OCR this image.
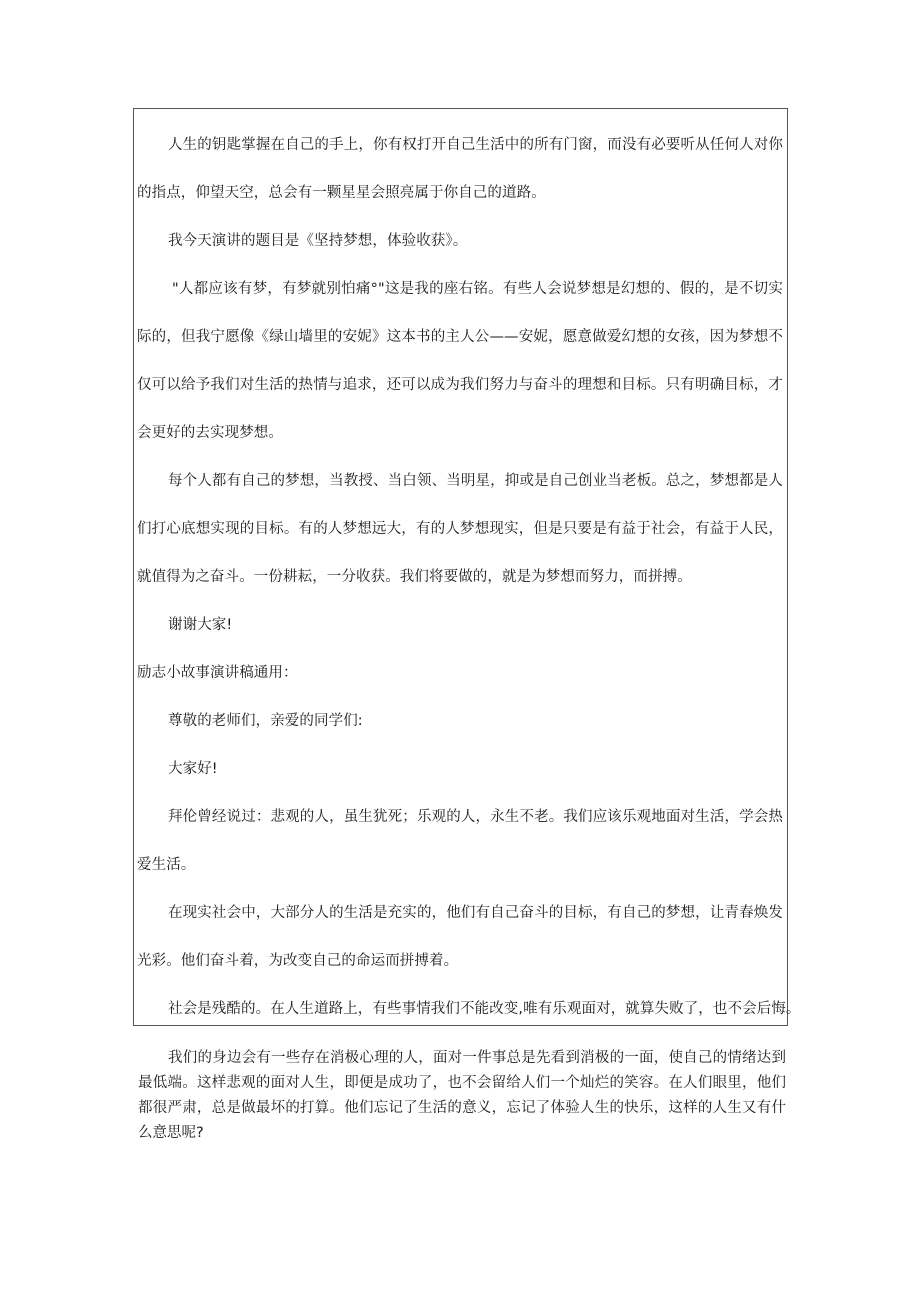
人生的钥匙掌握在自己的手上，你有权打开自己生活中的所有门窗，而没有必要听从任何人对你
的指点，仰望天空，总会有一颗星星会照亮属于你自己的道路。
我今天演讲的题目是《坚持梦想，体验收获》。
"人都应该有梦，有梦就别怕痛°"这是我的座右铭。有些人会说梦想是幻想的、假的，是不切实
际的，但我宁愿像《绿山墙里的安妮》这本书的主人公——安妮，愿意做爱幻想的女孩，因为梦想不
仅可以给予我们对生活的热情与追求，还可以成为我们努力与奋斗的理想和目标。只有明确目标，才
会更好的去实现梦想。
每个人都有自己的梦想，当教授、当白领、当明星，抑或是自己创业当老板。总之，梦想都是人
们打心底想实现的目标。有的人梦想远大，有的人梦想现实，但是只要是有益于社会，有益于人民，
就值得为之奋斗。一份耕耘，一分收获。我们将要做的，就是为梦想而努力，而拼搏。
谢谢大家!
励志小故事演讲稿通用：
尊敬的老师们，亲爱的同学们:
大家好!
拜伦曾经说过：悲观的人，虽生犹死；乐观的人，永生不老。我们应该乐观地面对生活，学会热
爱生活。
在现实社会中，大部分人的生活是充实的，他们有自己奋斗的目标，有自己的梦想，让青春焕发
光彩。他们奋斗着，为改变自己的命运而拼搏着。
社会是残酷的。在人生道路上，有些事情我们不能改变,唯有乐观面对，就算失败了，也不会后悔。
我们的身边会有一些存在消极心理的人，面对一件事总是先看到消极的一面，使自己的情绪达到
最低端。这样悲观的面对人生，即便是成功了，也不会留给人们一个灿烂的笑容。在人们眼里，他们
都很严肃，总是做最坏的打算。他们忘记了生活的意义，忘记了体验人生的快乐，这样的人生又有什
么意思呢?
